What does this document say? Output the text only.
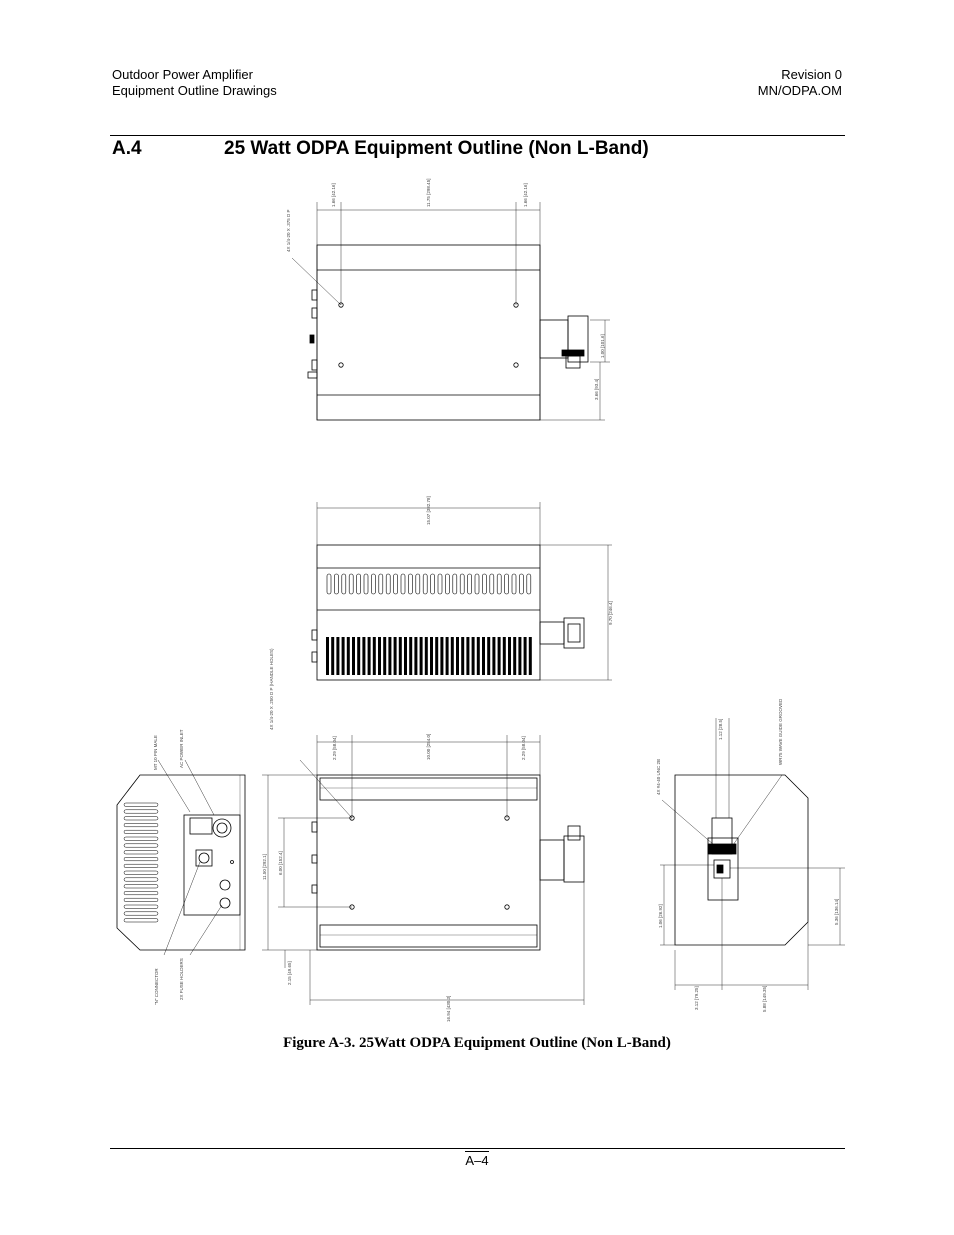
Outdoor Power Amplifier
Equipment Outline Drawings
Revision 0
MN/ODPA.OM
A.4	25 Watt ODPA Equipment Outline (Non L-Band)
1.66 [42.16]	11.75 [298.45]	1.66 [42.16]
4X 1/4-20 X .375 D P
1.00 [101.6]
3.66 [93.4]
15.07 [382.78]
9.70 [246.4]
4X 1/4-20 X .250 D P (HANDLE HOLES)
2.29 [58.04]	10.00 [254.0]	2.29 [58.04]
11.50 [292.1] 6.00 [152.4]
2.15 [49.65]
16.94 [430.3]
MT 10 PIN MALE	AC POWER INLET
"N" CONNECTOR	2X FUSE HOLDERS
4X #4-40 UNC 2B
WR75 WAVE GUIDE GROOVED
1.12 [28.5]
1.06 [26.92]	5.36 [136.14]
3.12 [79.25]	5.88 [149.35]
Figure A-3. 25Watt ODPA Equipment Outline (Non L-Band)
A–4
